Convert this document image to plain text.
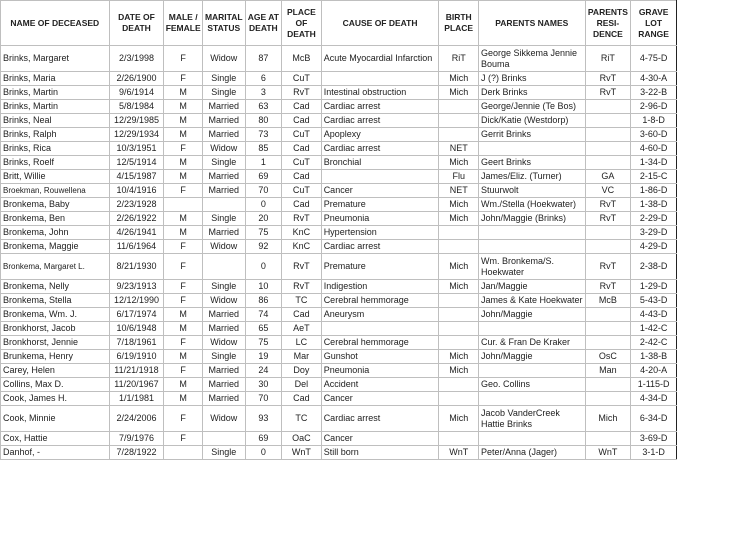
NAME OF DECEASED	DATE OF DEATH	MALE / FEMALE	MARITAL STATUS	AGE AT DEATH	PLACE OF DEATH	CAUSE OF DEATH	BIRTH PLACE	PARENTS NAMES	PARENTS RESI- DENCE	GRAVE LOT RANGE
Brinks, Margaret	2/3/1998	F	Widow	87	McB	Acute Myocardial Infarction	RiT	George Sikkema Jennie Bouma	RiT	4-75-D
Brinks, Maria	2/26/1900	F	Single	6	CuT		Mich	J (?) Brinks	RvT	4-30-A
Brinks, Martin	9/6/1914	M	Single	3	RvT	Intestinal obstruction	Mich	Derk Brinks	RvT	3-22-B
Brinks, Martin	5/8/1984	M	Married	63	Cad	Cardiac arrest		George/Jennie (Te Bos)		2-96-D
Brinks, Neal	12/29/1985	M	Married	80	Cad	Cardiac arrest		Dick/Katie (Westdorp)		1-8-D
Brinks, Ralph	12/29/1934	M	Married	73	CuT	Apoplexy		Gerrit Brinks		3-60-D
Brinks, Rica	10/3/1951	F	Widow	85	Cad	Cardiac arrest	NET			4-60-D
Brinks, Roelf	12/5/1914	M	Single	1	CuT	Bronchial	Mich	Geert Brinks		1-34-D
Britt, Willie	4/15/1987	M	Married	69	Cad		Flu	James/Eliz. (Turner)	GA	2-15-C
Broekman, Rouwellena	10/4/1916	F	Married	70	CuT	Cancer	NET	Stuurwolt	VC	1-86-D
Bronkema, Baby	2/23/1928			0	Cad	Premature	Mich	Wm./Stella (Hoekwater)	RvT	1-38-D
Bronkema, Ben	2/26/1922	M	Single	20	RvT	Pneumonia	Mich	John/Maggie (Brinks)	RvT	2-29-D
Bronkema, John	4/26/1941	M	Married	75	KnC	Hypertension				3-29-D
Bronkema, Maggie	11/6/1964	F	Widow	92	KnC	Cardiac arrest				4-29-D
Bronkema, Margaret L.	8/21/1930	F		0	RvT	Premature	Mich	Wm. Bronkema/S. Hoekwater	RvT	2-38-D
Bronkema, Nelly	9/23/1913	F	Single	10	RvT	Indigestion	Mich	Jan/Maggie	RvT	1-29-D
Bronkema, Stella	12/12/1990	F	Widow	86	TC	Cerebral hemmorage		James & Kate Hoekwater	McB	5-43-D
Bronkema, Wm. J.	6/17/1974	M	Married	74	Cad	Aneurysm		John/Maggie		4-43-D
Bronkhorst, Jacob	10/6/1948	M	Married	65	AeT					1-42-C
Bronkhorst, Jennie	7/18/1961	F	Widow	75	LC	Cerebral hemmorage		Cur. & Fran De Kraker		2-42-C
Brunkema, Henry	6/19/1910	M	Single	19	Mar	Gunshot	Mich	John/Maggie	OsC	1-38-B
Carey, Helen	11/21/1918	F	Married	24	Doy	Pneumonia	Mich		Man	4-20-A
Collins, Max D.	11/20/1967	M	Married	30	Del	Accident		Geo. Collins		1-115-D
Cook, James H.	1/1/1981	M	Married	70	Cad	Cancer				4-34-D
Cook, Minnie	2/24/2006	F	Widow	93	TC	Cardiac arrest	Mich	Jacob VanderCreek Hattie Brinks	Mich	6-34-D
Cox, Hattie	7/9/1976	F		69	OaC	Cancer				3-69-D
Danhof, -	7/28/1922		Single	0	WnT	Still born	WnT	Peter/Anna (Jager)	WnT	3-1-D
